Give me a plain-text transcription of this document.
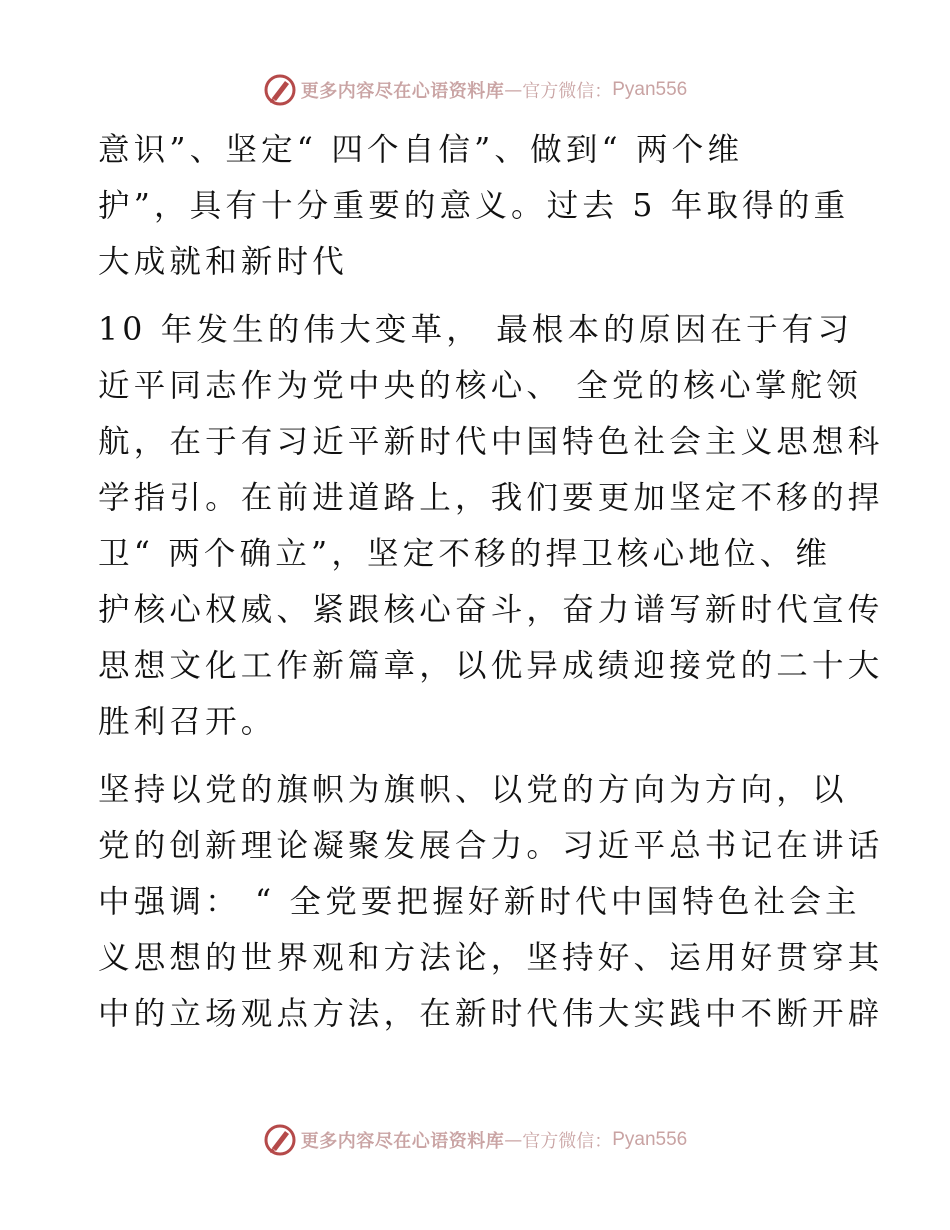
更多内容尽在心语资料库 — 官方微信： Pyan556

意识”、坚定“ 四个自信”、做到“ 两个维
护”，具有十分重要的意义。过去 5 年取得的重
大成就和新时代

10 年发生的伟大变革， 最根本的原因在于有习
近平同志作为党中央的核心、 全党的核心掌舵领
航，在于有习近平新时代中国特色社会主义思想科
学指引。在前进道路上，我们要更加坚定不移的捍
卫“ 两个确立”，坚定不移的捍卫核心地位、维
护核心权威、紧跟核心奋斗，奋力谱写新时代宣传
思想文化工作新篇章，以优异成绩迎接党的二十大
胜利召开。

坚持以党的旗帜为旗帜、以党的方向为方向，以
党的创新理论凝聚发展合力。习近平总书记在讲话
中强调： “ 全党要把握好新时代中国特色社会主
义思想的世界观和方法论，坚持好、运用好贯穿其
中的立场观点方法，在新时代伟大实践中不断开辟

更多内容尽在心语资料库 — 官方微信： Pyan556
